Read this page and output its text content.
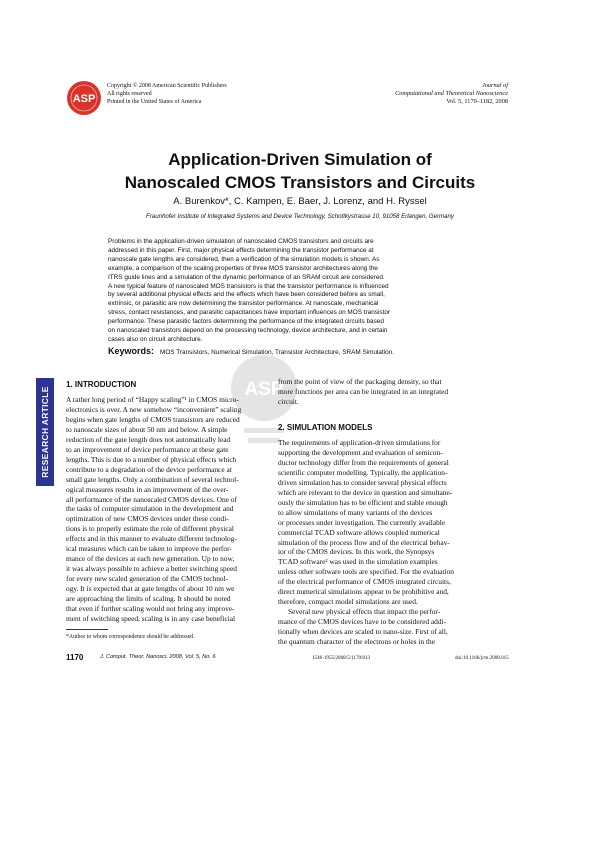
ASP
Copyright © 2008 American Scientific Publishers
All rights reserved
Printed in the United States of America
Journal of
Computational and Theoretical Nanoscience
Vol. 5, 1170–1182, 2008
Application-Driven Simulation of
Nanoscaled CMOS Transistors and Circuits
A. Burenkov*, C. Kampen, E. Baer, J. Lorenz, and H. Ryssel
Fraunhofer Institute of Integrated Systems and Device Technology, Schottkystrasse 10, 91058 Erlangen, Germany
Problems in the application-driven simulation of nanoscaled CMOS transistors and circuits are
addressed in this paper. First, major physical effects determining the transistor performance at
nanoscale gate lengths are considered, then a verification of the simulation models is shown. As
example, a comparison of the scaling properties of three MOS transistor architectures along the
ITRS guide lines and a simulation of the dynamic performance of an SRAM circuit are considered.
A new typical feature of nanoscaled MOS transistors is that the transistor performance is influenced
by several additional physical effects and the effects which have been considered before as small,
extrinsic, or parasitic are now determining the transistor performance. At nanoscale, mechanical
stress, contact resistances, and parasitic capacitances have important influences on MOS transistor
performance. These parasitic factors determining the performance of the integrated circuits based
on nanoscaled transistors depend on the processing technology, device architecture, and in certain
cases also on circuit architecture.
Keywords: MOS Transistors, Numerical Simulation, Transistor Architecture, SRAM Simulation.
RESEARCH ARTICLE	ASP
1. INTRODUCTION
A rather long period of “Happy scaling”¹ in CMOS micro-
electronics is over. A new somehow “inconvenient” scaling
begins when gate lengths of CMOS transistors are reduced
to nanoscale sizes of about 50 nm and below. A simple
reduction of the gate length does not automatically lead
to an improvement of device performance at these gate
lengths. This is due to a number of physical effects which
contribute to a degradation of the device performance at
small gate lengths. Only a combination of several technol-
ogical measures results in an improvement of the over-
all performance of the nanoscaled CMOS devices. One of
the tasks of computer simulation in the development and
optimization of new CMOS devices under these condi-
tions is to properly estimate the role of different physical
effects and in this manner to evaluate different technolog-
ical measures which can be taken to improve the perfor-
mance of the devices at each new generation. Up to now,
it was always possible to achieve a better switching speed
for every new scaled generation of the CMOS technol-
ogy. It is expected that at gate lengths of about 10 nm we
are approaching the limits of scaling. It should be noted
that even if further scaling would not bring any improve-
ment of switching speed, scaling is in any case beneficial
from the point of view of the packaging density, so that
more functions per area can be integrated in an integrated
circuit.
2. SIMULATION MODELS
The requirements of application-driven simulations for
supporting the development and evaluation of semicon-
ductor technology differ from the requirements of general
scientific computer modelling. Typically, the application-
driven simulation has to consider several physical effects
which are relevant to the device in question and simultane-
ously the simulation has to be efficient and stable enough
to allow simulations of many variants of the devices
or processes under investigation. The currently available
commercial TCAD software allows coupled numerical
simulation of the process flow and of the electrical behav-
ior of the CMOS devices. In this work, the Synopsys
TCAD software² was used in the simulation examples
unless other software tools are specified. For the evaluation
of the electrical performance of CMOS integrated circuits,
direct numerical simulations appear to be prohibitive and,
therefore, compact model simulations are used.
Several new physical effects that impact the perfor-
mance of the CMOS devices have to be considered addi-
tionally when devices are scaled to nano-size. First of all,
the quantum character of the electrons or holes in the
*Author to whom correspondence should be addressed.
1170	J. Comput. Theor. Nanosci. 2008, Vol. 5, No. 6	1546-1955/2008/5/1170/013	doi:10.1166/jctn.2008.015
